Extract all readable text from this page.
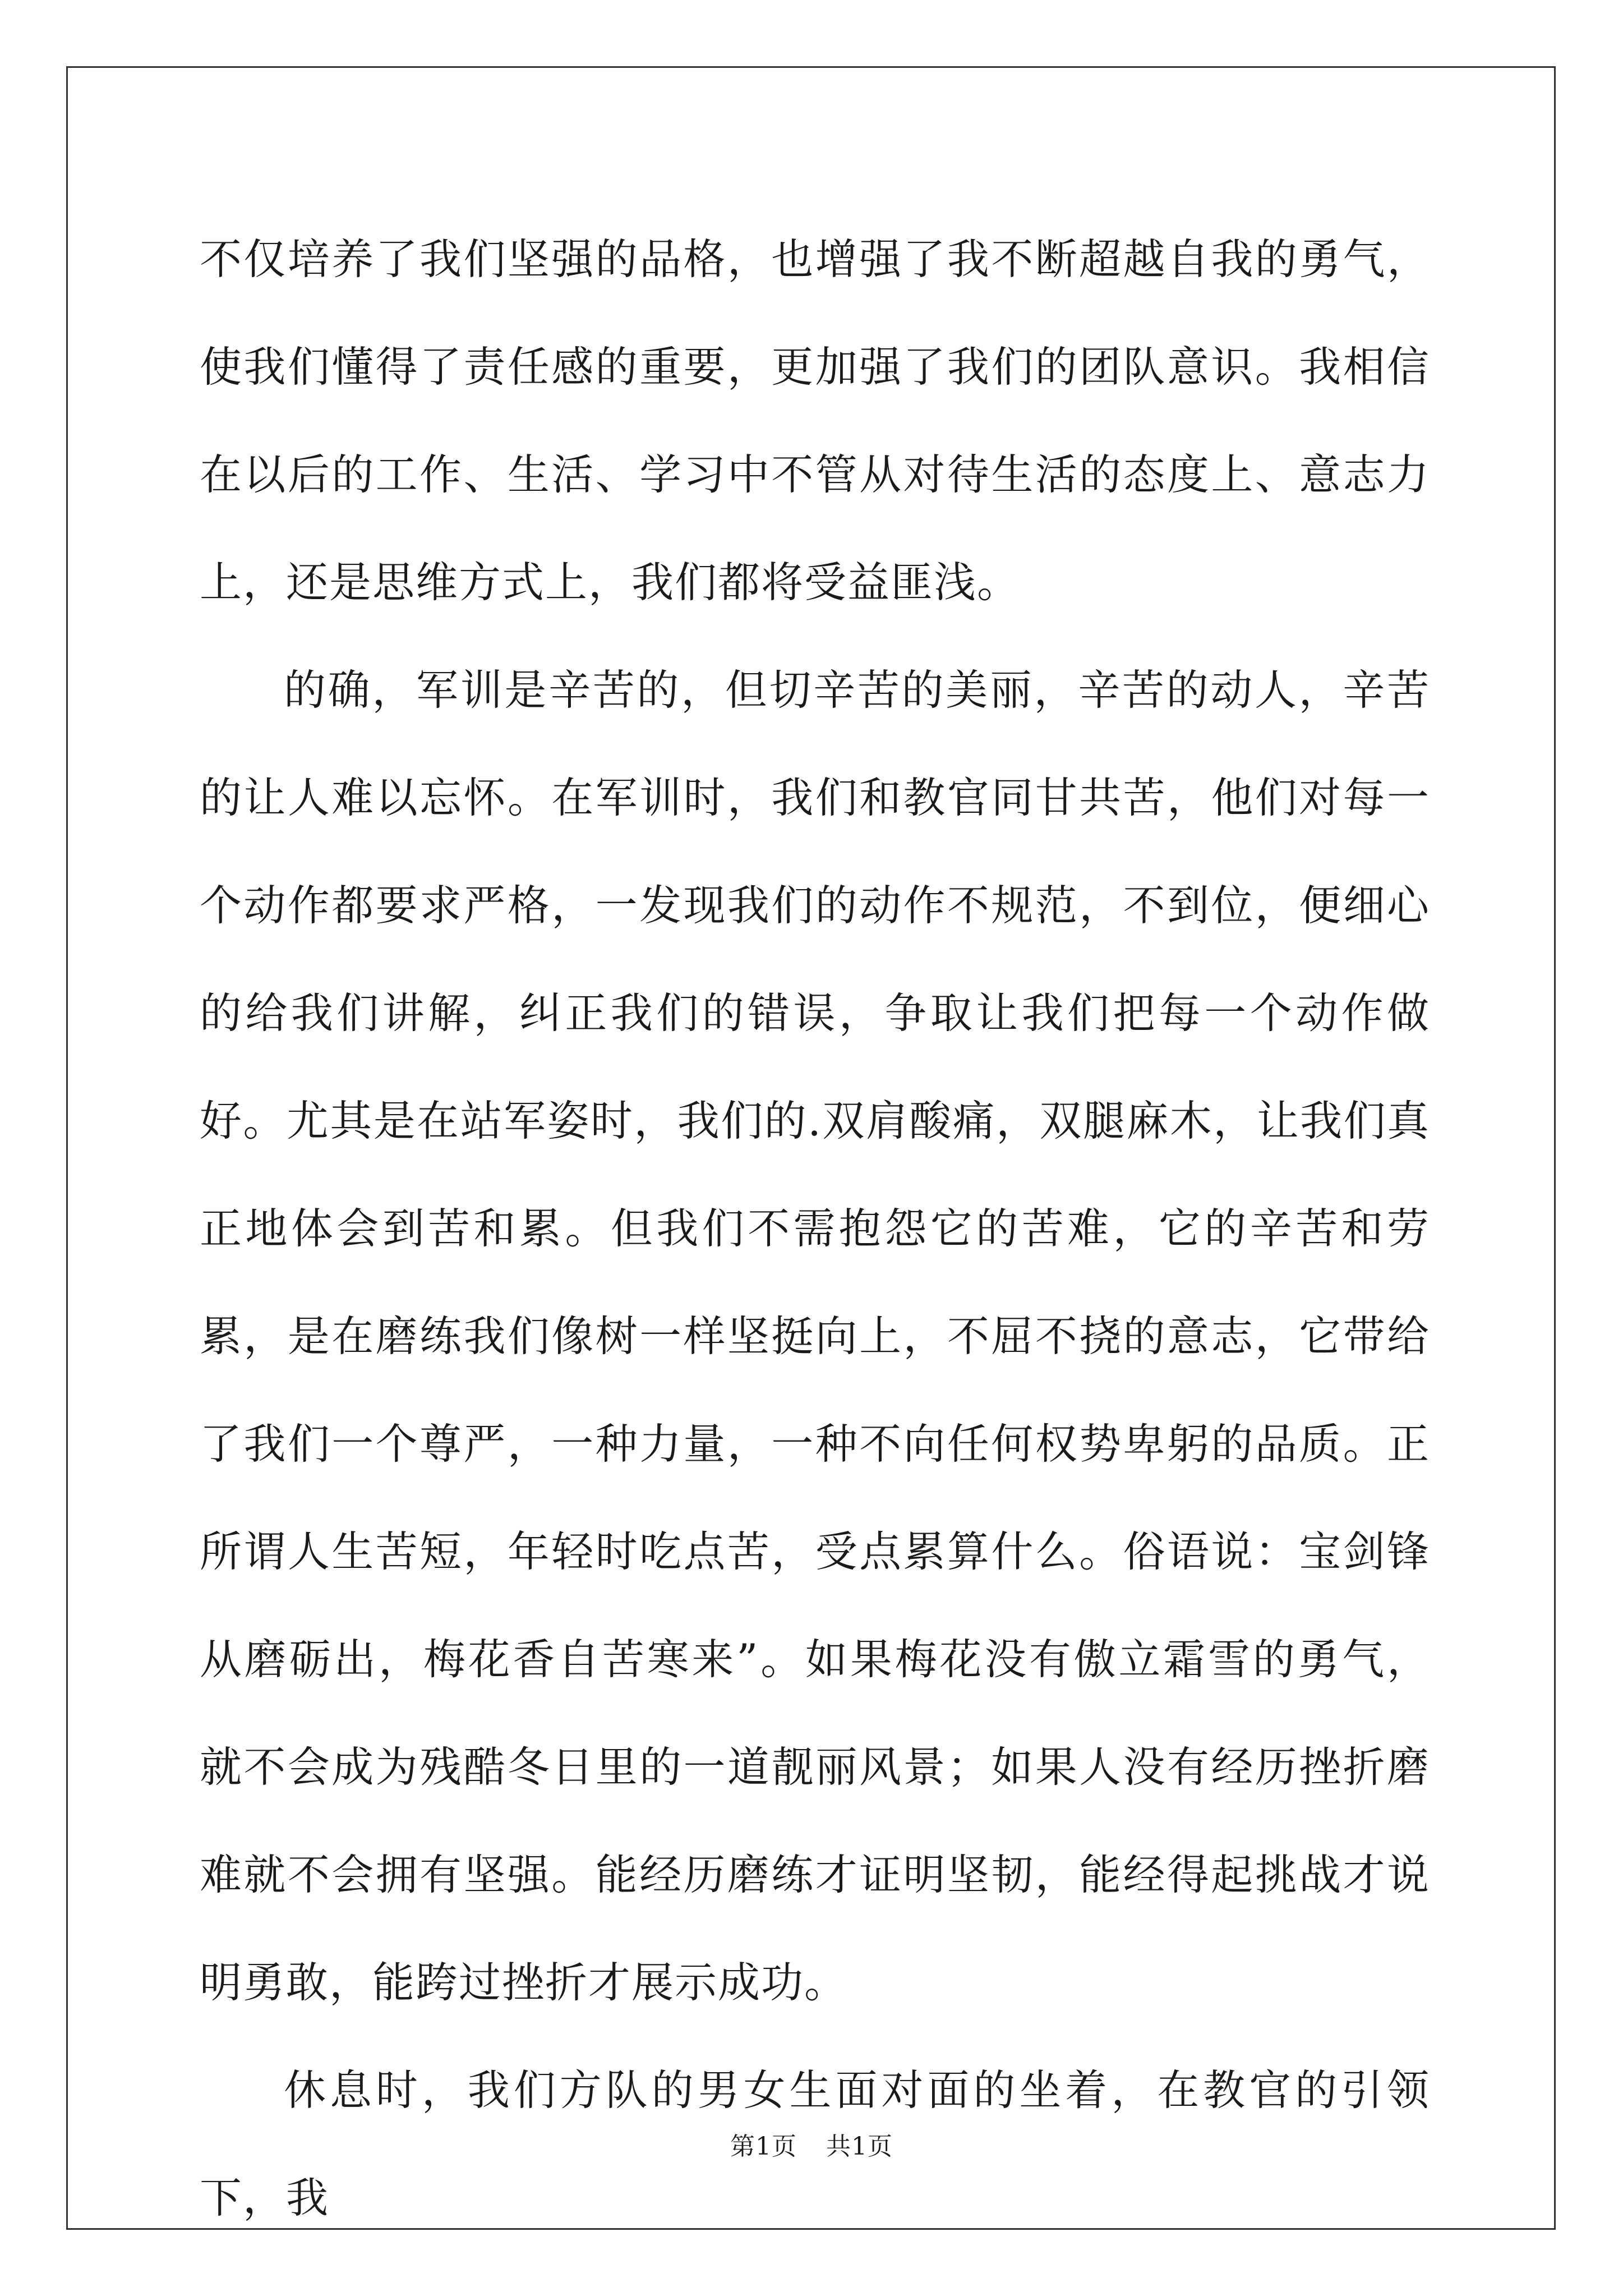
不仅培养了我们坚强的品格，也增强了我不断超越自我的勇气，使我们懂得了责任感的重要，更加强了我们的团队意识。我相信在以后的工作、生活、学习中不管从对待生活的态度上、意志力上，还是思维方式上，我们都将受益匪浅。

的确，军训是辛苦的，但切辛苦的美丽，辛苦的动人，辛苦的让人难以忘怀。在军训时，我们和教官同甘共苦，他们对每一个动作都要求严格，一发现我们的动作不规范，不到位，便细心的给我们讲解，纠正我们的错误，争取让我们把每一个动作做好。尤其是在站军姿时，我们的.双肩酸痛，双腿麻木，让我们真正地体会到苦和累。但我们不需抱怨它的苦难，它的辛苦和劳累，是在磨练我们像树一样坚挺向上，不屈不挠的意志，它带给了我们一个尊严，一种力量，一种不向任何权势卑躬的品质。正所谓人生苦短，年轻时吃点苦，受点累算什么。俗语说：宝剑锋从磨砺出，梅花香自苦寒来”。如果梅花没有傲立霜雪的勇气，就不会成为残酷冬日里的一道靓丽风景；如果人没有经历挫折磨难就不会拥有坚强。能经历磨练才证明坚韧，能经得起挑战才说明勇敢，能跨过挫折才展示成功。

休息时，我们方队的男女生面对面的坐着，在教官的引领下，我

第1页 共1页
